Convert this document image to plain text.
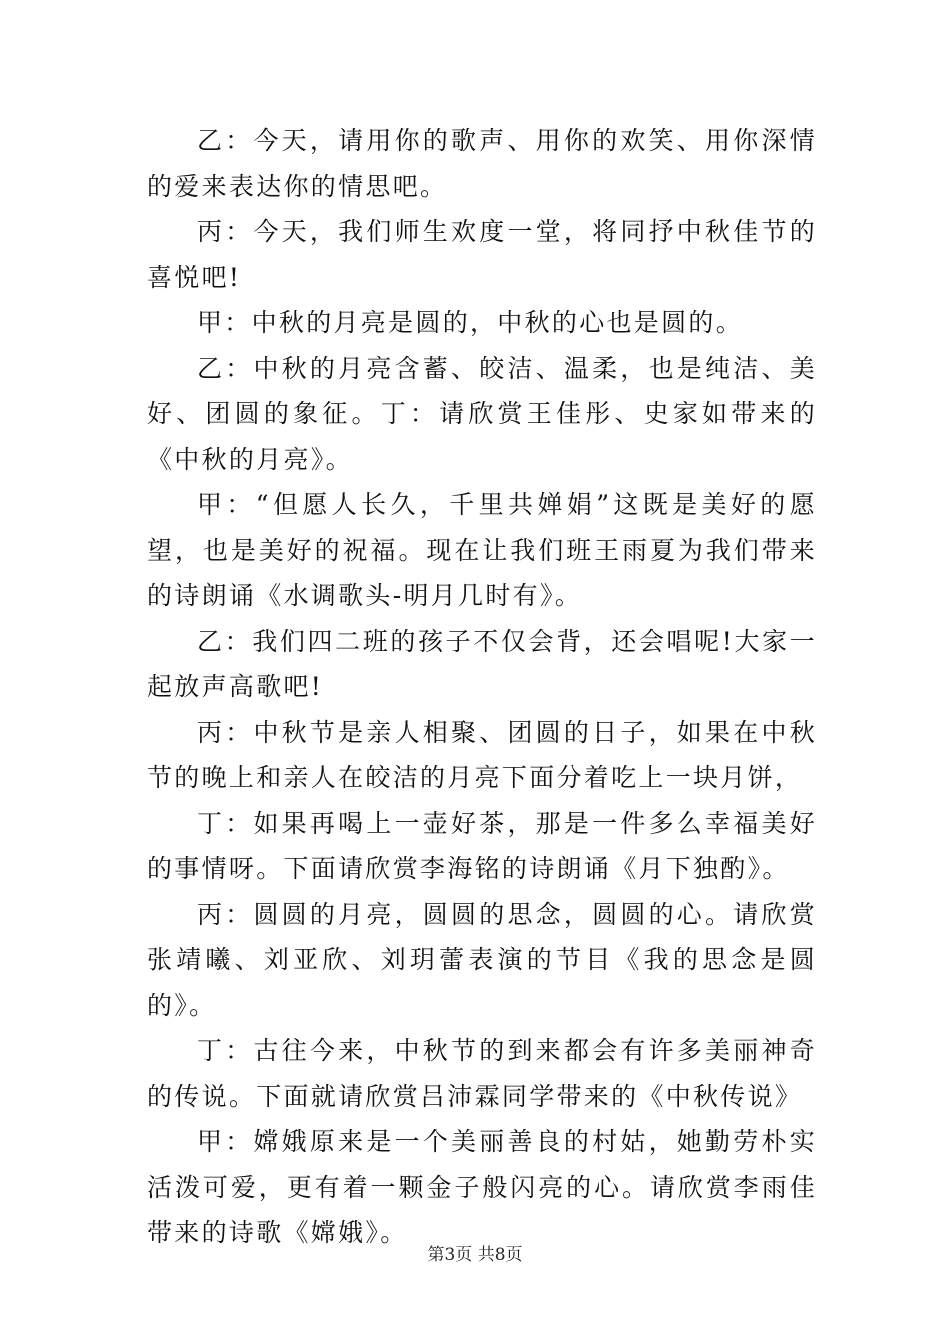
乙：今天，请用你的歌声、用你的欢笑、用你深情的爱来表达你的情思吧。

丙：今天，我们师生欢度一堂，将同抒中秋佳节的喜悦吧!

甲：中秋的月亮是圆的，中秋的心也是圆的。

乙：中秋的月亮含蓄、皎洁、温柔，也是纯洁、美好、团圆的象征。丁：请欣赏王佳彤、史家如带来的《中秋的月亮》。

甲：“但愿人长久，千里共婵娟”这既是美好的愿望，也是美好的祝福。现在让我们班王雨夏为我们带来的诗朗诵《水调歌头-明月几时有》。

乙：我们四二班的孩子不仅会背，还会唱呢!大家一起放声高歌吧!

丙：中秋节是亲人相聚、团圆的日子，如果在中秋节的晚上和亲人在皎洁的月亮下面分着吃上一块月饼，

丁：如果再喝上一壶好茶，那是一件多么幸福美好的事情呀。下面请欣赏李海铭的诗朗诵《月下独酌》。

丙：圆圆的月亮，圆圆的思念，圆圆的心。请欣赏张靖曦、刘亚欣、刘玥蕾表演的节目《我的思念是圆的》。

丁：古往今来，中秋节的到来都会有许多美丽神奇的传说。下面就请欣赏吕沛霖同学带来的《中秋传说》

甲：嫦娥原来是一个美丽善良的村姑，她勤劳朴实活泼可爱，更有着一颗金子般闪亮的心。请欣赏李雨佳带来的诗歌《嫦娥》。

第3页 共8页
